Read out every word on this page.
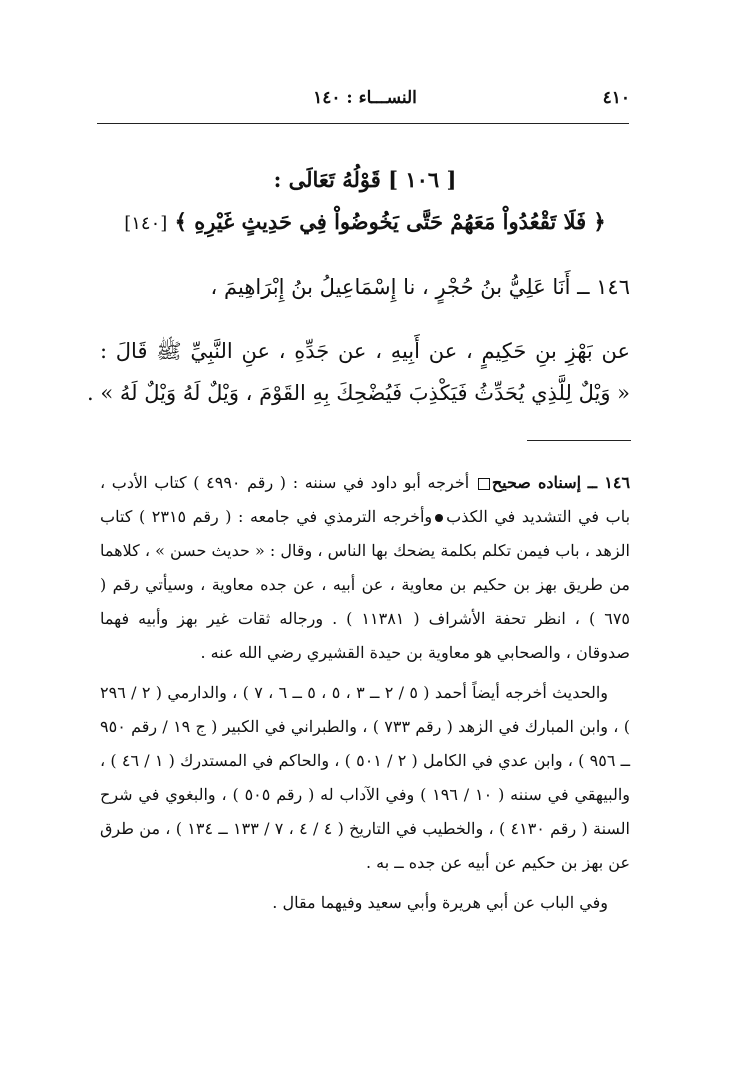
٤١٠
النســـاء : ١٤٠

[ ١٠٦ ] قَوْلُهُ تَعَالَى :

﴿ فَلَا تَقْعُدُواْ مَعَهُمْ حَتَّى يَخُوضُواْ فِي حَدِيثٍ غَيْرِهِ ﴾ [١٤٠]

١٤٦ ــ أَنَا عَلِيُّ بنُ حُجْرٍ ، نا إِسْمَاعِيلُ بنُ إِبْرَاهِيمَ ،

عن بَهْزِ بنِ حَكِيمٍ ، عن أَبِيهِ ، عن جَدِّهِ ، عنِ النَّبِيِّ ﷺ قَالَ :
« وَيْلٌ لِلَّذِي يُحَدِّثُ فَيَكْذِبَ فَيُضْحِكَ بِهِ القَوْمَ ، وَيْلٌ لَهُ وَيْلٌ لَهُ » .

١٤٦ ــ إسناده صحيح أخرجه أبو داود في سننه : ( رقم ٤٩٩٠ ) كتاب الأدب ، باب في التشديد في الكذبوأخرجه الترمذي في جامعه : ( رقم ٢٣١٥ ) كتاب الزهد ، باب فيمن تكلم بكلمة يضحك بها الناس ، وقال : « حديث حسن » ، كلاهما من طريق بهز بن حكيم بن معاوية ، عن أبيه ، عن جده معاوية ، وسيأتي رقم ( ٦٧٥ ) ، انظر تحفة الأشراف ( ١١٣٨١ ) . ورجاله ثقات غير بهز وأبيه فهما صدوقان ، والصحابي هو معاوية بن حيدة القشيري رضي الله عنه .

والحديث أخرجه أيضاً أحمد ( ٥ / ٢ ــ ٣ ، ٥ ، ٥ ــ ٦ ، ٧ ) ، والدارمي ( ٢ / ٢٩٦ ) ، وابن المبارك في الزهد ( رقم ٧٣٣ ) ، والطبراني في الكبير ( ج ١٩ / رقم ٩٥٠ ــ ٩٥٦ ) ، وابن عدي في الكامل ( ٢ / ٥٠١ ) ، والحاكم في المستدرك ( ١ / ٤٦ ) ، والبيهقي في سننه ( ١٠ / ١٩٦ ) وفي الآداب له ( رقم ٥٠٥ ) ، والبغوي في شرح السنة ( رقم ٤١٣٠ ) ، والخطيب في التاريخ ( ٤ / ٤ ، ٧ / ١٣٣ ــ ١٣٤ ) ، من طرق عن بهز بن حكيم عن أبيه عن جده ــ به .

وفي الباب عن أبي هريرة وأبي سعيد وفيهما مقال .
